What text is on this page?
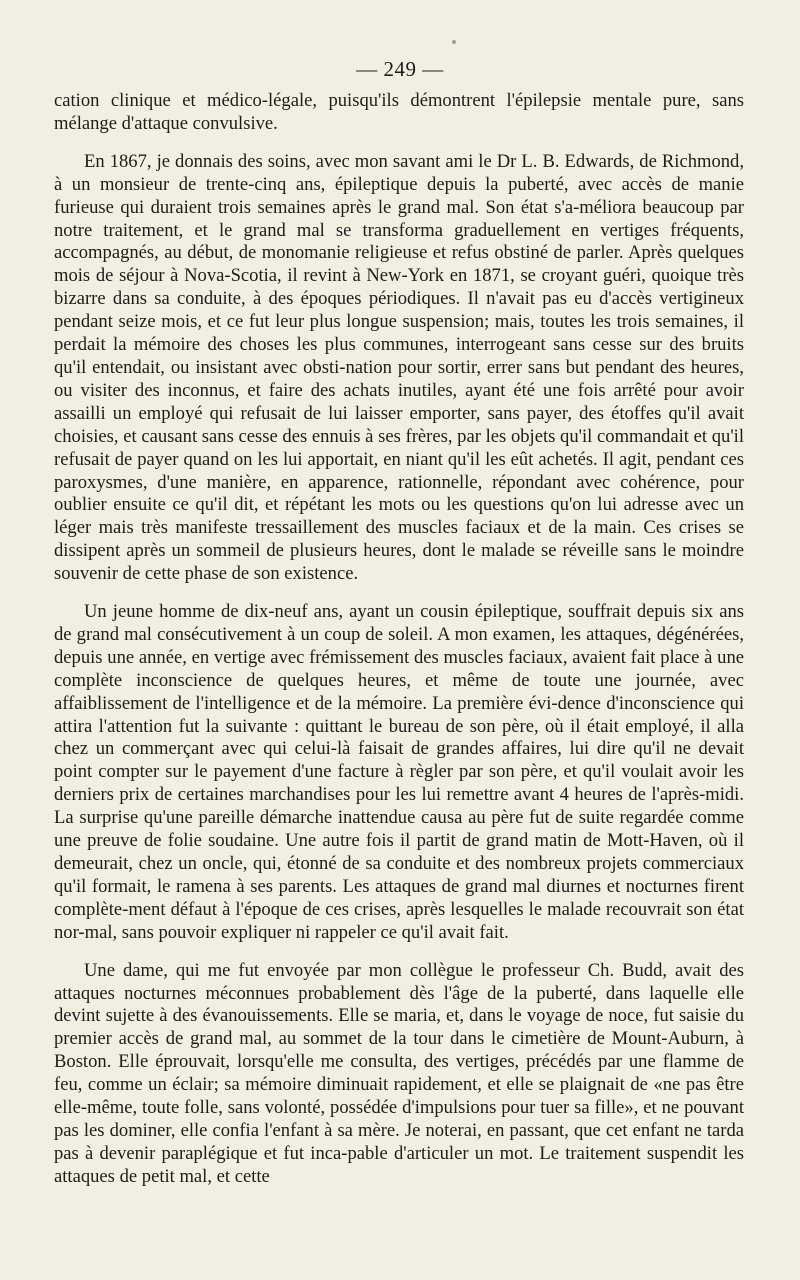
— 249 —

cation clinique et médico-légale, puisqu'ils démontrent l'épilepsie mentale pure, sans mélange d'attaque convulsive.

En 1867, je donnais des soins, avec mon savant ami le Dr L. B. Edwards, de Richmond, à un monsieur de trente-cinq ans, épileptique depuis la puberté, avec accès de manie furieuse qui duraient trois semaines après le grand mal. Son état s'a-méliora beaucoup par notre traitement, et le grand mal se transforma graduellement en vertiges fréquents, accompagnés, au début, de monomanie religieuse et refus obstiné de parler. Après quelques mois de séjour à Nova-Scotia, il revint à New-York en 1871, se croyant guéri, quoique très bizarre dans sa conduite, à des époques périodiques. Il n'avait pas eu d'accès vertigineux pendant seize mois, et ce fut leur plus longue suspension; mais, toutes les trois semaines, il perdait la mémoire des choses les plus communes, interrogeant sans cesse sur des bruits qu'il entendait, ou insistant avec obsti-nation pour sortir, errer sans but pendant des heures, ou visiter des inconnus, et faire des achats inutiles, ayant été une fois arrêté pour avoir assailli un employé qui refusait de lui laisser emporter, sans payer, des étoffes qu'il avait choisies, et causant sans cesse des ennuis à ses frères, par les objets qu'il commandait et qu'il refusait de payer quand on les lui apportait, en niant qu'il les eût achetés. Il agit, pendant ces paroxysmes, d'une manière, en apparence, rationnelle, répondant avec cohérence, pour oublier ensuite ce qu'il dit, et répétant les mots ou les questions qu'on lui adresse avec un léger mais très manifeste tressaillement des muscles faciaux et de la main. Ces crises se dissipent après un sommeil de plusieurs heures, dont le malade se réveille sans le moindre souvenir de cette phase de son existence.

Un jeune homme de dix-neuf ans, ayant un cousin épileptique, souffrait depuis six ans de grand mal consécutivement à un coup de soleil. A mon examen, les attaques, dégénérées, depuis une année, en vertige avec frémissement des muscles faciaux, avaient fait place à une complète inconscience de quelques heures, et même de toute une journée, avec affaiblissement de l'intelligence et de la mémoire. La première évi-dence d'inconscience qui attira l'attention fut la suivante : quittant le bureau de son père, où il était employé, il alla chez un commerçant avec qui celui-là faisait de grandes affaires, lui dire qu'il ne devait point compter sur le payement d'une facture à règler par son père, et qu'il voulait avoir les derniers prix de certaines marchandises pour les lui remettre avant 4 heures de l'après-midi. La surprise qu'une pareille démarche inattendue causa au père fut de suite regardée comme une preuve de folie soudaine. Une autre fois il partit de grand matin de Mott-Haven, où il demeurait, chez un oncle, qui, étonné de sa conduite et des nombreux projets commerciaux qu'il formait, le ramena à ses parents. Les attaques de grand mal diurnes et nocturnes firent complète-ment défaut à l'époque de ces crises, après lesquelles le malade recouvrait son état nor-mal, sans pouvoir expliquer ni rappeler ce qu'il avait fait.

Une dame, qui me fut envoyée par mon collègue le professeur Ch. Budd, avait des attaques nocturnes méconnues probablement dès l'âge de la puberté, dans laquelle elle devint sujette à des évanouissements. Elle se maria, et, dans le voyage de noce, fut saisie du premier accès de grand mal, au sommet de la tour dans le cimetière de Mount-Auburn, à Boston. Elle éprouvait, lorsqu'elle me consulta, des vertiges, précédés par une flamme de feu, comme un éclair; sa mémoire diminuait rapidement, et elle se plaignait de «ne pas être elle-même, toute folle, sans volonté, possédée d'impulsions pour tuer sa fille», et ne pouvant pas les dominer, elle confia l'enfant à sa mère. Je noterai, en passant, que cet enfant ne tarda pas à devenir paraplégique et fut inca-pable d'articuler un mot. Le traitement suspendit les attaques de petit mal, et cette
